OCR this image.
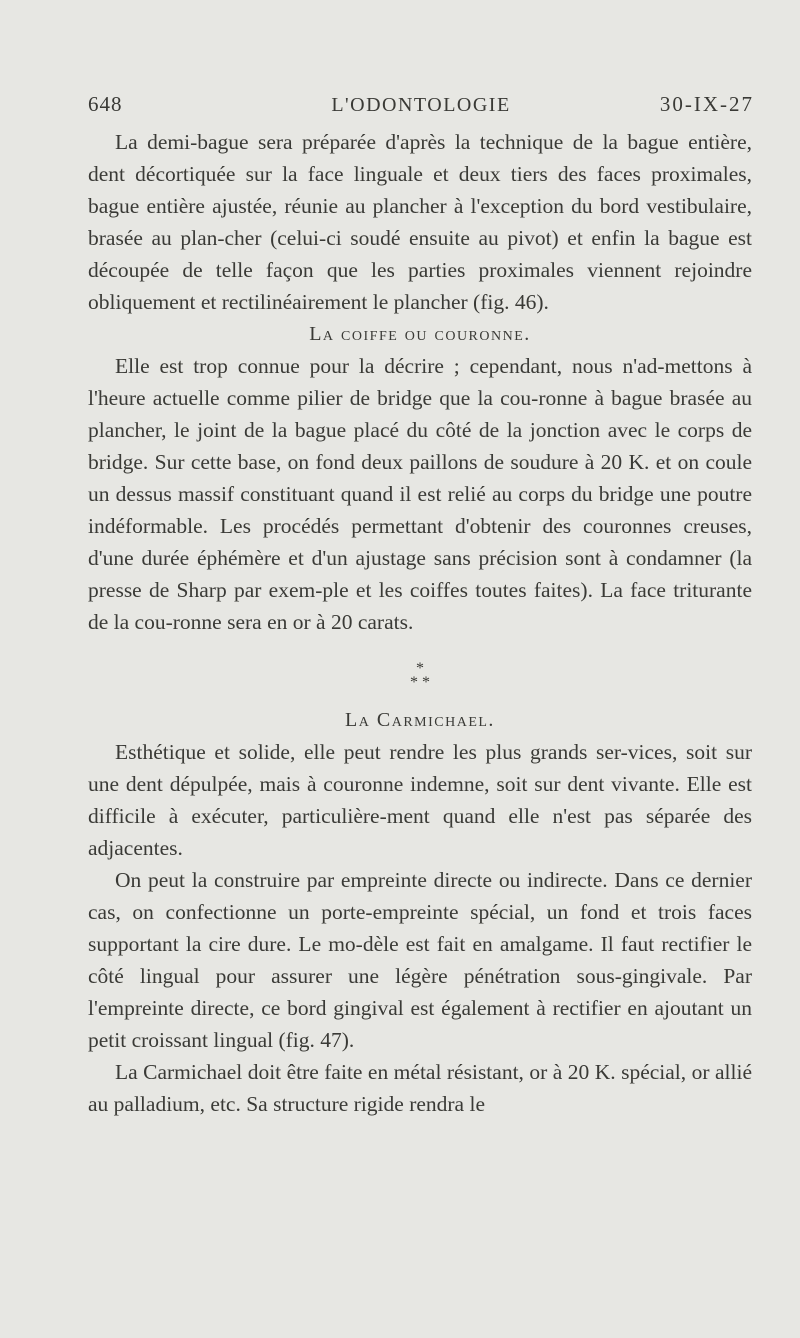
648	L'ODONTOLOGIE	30-IX-27

La demi-bague sera préparée d'après la technique de la bague entière, dent décortiquée sur la face linguale et deux tiers des faces proximales, bague entière ajustée, réunie au plancher à l'exception du bord vestibulaire, brasée au plan-cher (celui-ci soudé ensuite au pivot) et enfin la bague est découpée de telle façon que les parties proximales viennent rejoindre obliquement et rectilinéairement le plancher (fig. 46).

La coiffe ou couronne.

Elle est trop connue pour la décrire ; cependant, nous n'ad-mettons à l'heure actuelle comme pilier de bridge que la cou-ronne à bague brasée au plancher, le joint de la bague placé du côté de la jonction avec le corps de bridge. Sur cette base, on fond deux paillons de soudure à 20 K. et on coule un dessus massif constituant quand il est relié au corps du bridge une poutre indéformable. Les procédés permettant d'obtenir des couronnes creuses, d'une durée éphémère et d'un ajustage sans précision sont à condamner (la presse de Sharp par exem-ple et les coiffes toutes faites). La face triturante de la cou-ronne sera en or à 20 carats.

*
* *

La Carmichael.

Esthétique et solide, elle peut rendre les plus grands ser-vices, soit sur une dent dépulpée, mais à couronne indemne, soit sur dent vivante. Elle est difficile à exécuter, particulière-ment quand elle n'est pas séparée des adjacentes.

On peut la construire par empreinte directe ou indirecte. Dans ce dernier cas, on confectionne un porte-empreinte spécial, un fond et trois faces supportant la cire dure. Le mo-dèle est fait en amalgame. Il faut rectifier le côté lingual pour assurer une légère pénétration sous-gingivale. Par l'empreinte directe, ce bord gingival est également à rectifier en ajoutant un petit croissant lingual (fig. 47).

La Carmichael doit être faite en métal résistant, or à 20 K. spécial, or allié au palladium, etc. Sa structure rigide rendra le
